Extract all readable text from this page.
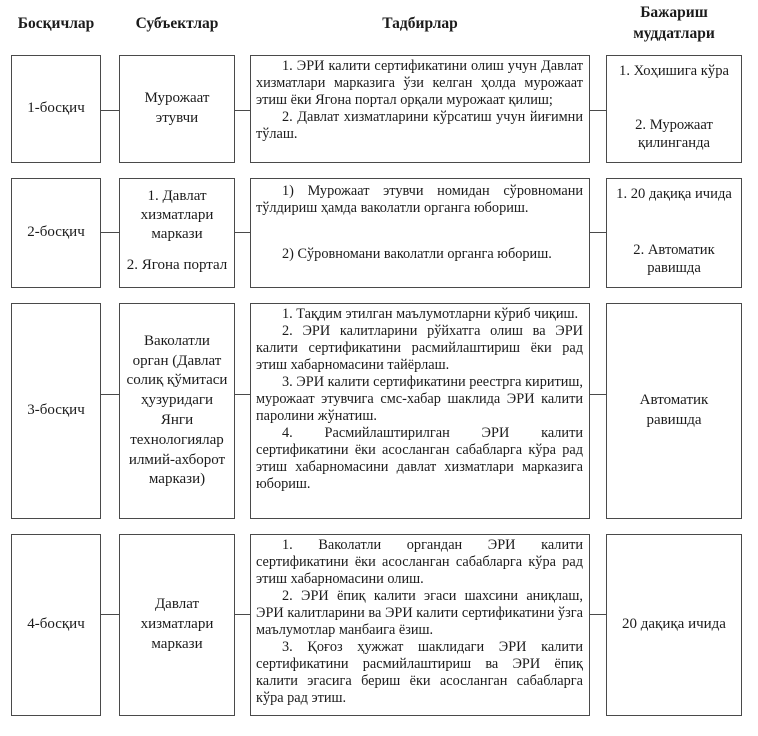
Босқичлар	Субъектлар	Тадбирлар
Бажариш муддатлари
1-босқич
Мурожаат этувчи

1. ЭРИ калити сертификатини олиш учун Давлат хизматлари марказига ўзи келган ҳолда мурожаат этиш ёки Ягона портал орқали мурожаат қилиш;

2. Давлат хизматларини кўрсатиш учун йиғимни тўлаш.

1. Хоҳишига кўра
2. Мурожаат қилинганда
2-босқич
1. Давлат хизматлари маркази
2. Ягона портал

1) Мурожаат этувчи номидан сўровномани тўлдириш ҳамда ваколатли органга юбориш.

2) Сўровномани ваколатли органга юбориш.

1. 20 дақиқа ичида
2. Автоматик равишда
3-босқич
Ваколатли орган (Давлат солиқ қўмитаси ҳузуридаги Янги технологиялар илмий-ахборот маркази)

1. Тақдим этилган маълумотларни кўриб чиқиш.

2. ЭРИ калитларини рўйхатга олиш ва ЭРИ калити сертификатини расмийлаштириш ёки рад этиш хабарномасини тайёрлаш.

3. ЭРИ калити сертификатини реестрга киритиш, мурожаат этувчига смс-хабар шаклида ЭРИ калити паролини жўнатиш.

4. Расмийлаштирилган ЭРИ калити сертификатини ёки асосланган сабабларга кўра рад этиш хабарномасини давлат хизматлари марказига юбориш.

Автоматик равишда
4-босқич
Давлат хизматлари маркази

1. Ваколатли органдан ЭРИ калити сертификатини ёки асосланган сабабларга кўра рад этиш хабарномасини олиш.

2. ЭРИ ёпиқ калити эгаси шахсини аниқлаш, ЭРИ калитларини ва ЭРИ калити сертификатини ўзга маълумотлар манбаига ёзиш.

3. Қоғоз ҳужжат шаклидаги ЭРИ калити сертификатини расмийлаштириш ва ЭРИ ёпиқ калити эгасига бериш ёки асосланган сабабларга кўра рад этиш.

20 дақиқа ичида
